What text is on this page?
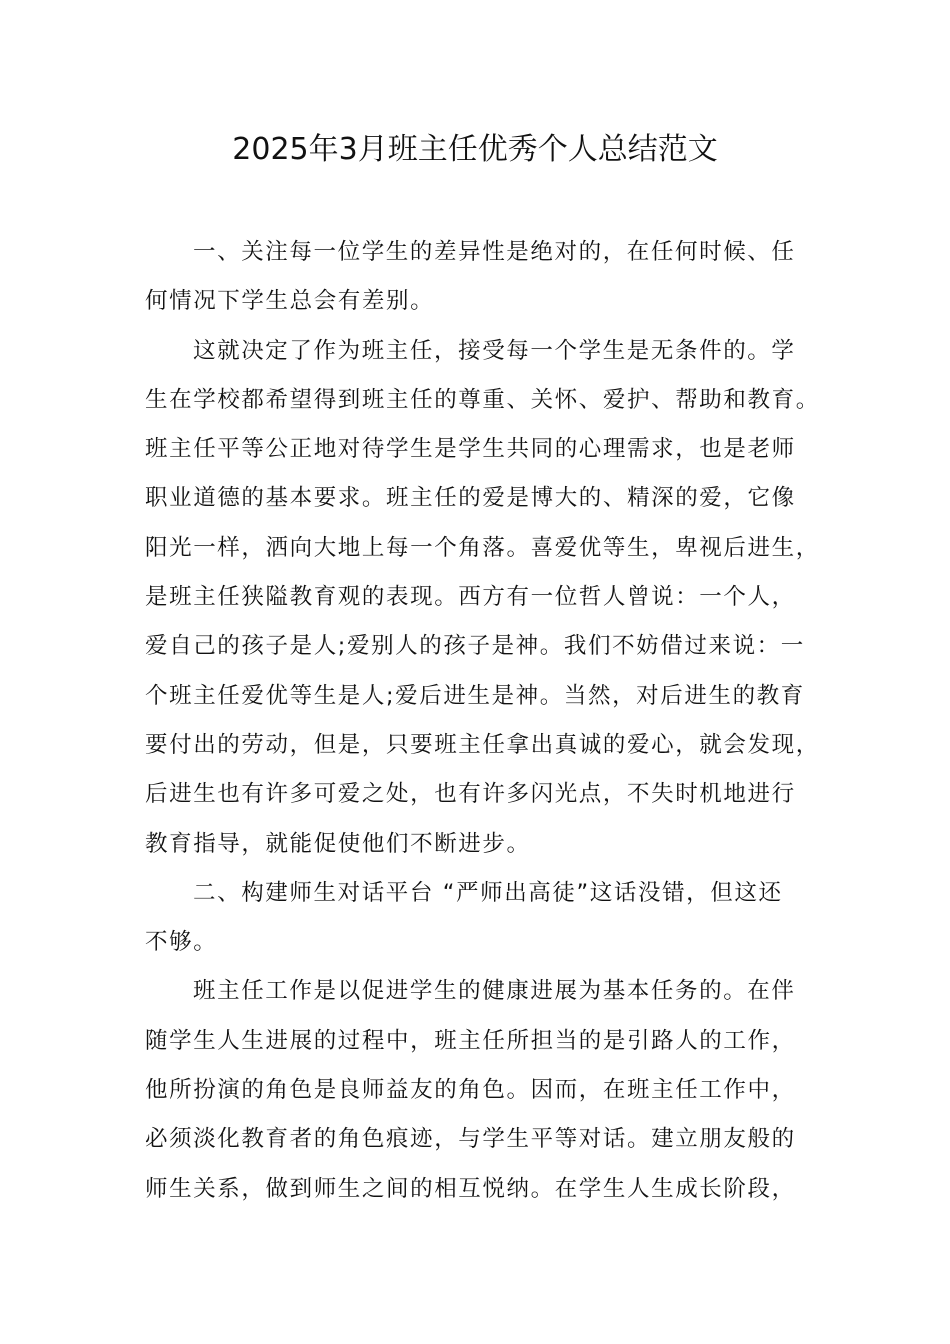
2025年3月班主任优秀个人总结范文

一、关注每一位学生的差异性是绝对的，在任何时候、任
何情况下学生总会有差别。

这就决定了作为班主任，接受每一个学生是无条件的。学
生在学校都希望得到班主任的尊重、关怀、爱护、帮助和教育。
班主任平等公正地对待学生是学生共同的心理需求，也是老师
职业道德的基本要求。班主任的爱是博大的、精深的爱，它像
阳光一样，洒向大地上每一个角落。喜爱优等生，卑视后进生，
是班主任狭隘教育观的表现。西方有一位哲人曾说：一个人，
爱自己的孩子是人;爱别人的孩子是神。我们不妨借过来说：一
个班主任爱优等生是人;爱后进生是神。当然，对后进生的教育
要付出的劳动，但是，只要班主任拿出真诚的爱心，就会发现，
后进生也有许多可爱之处，也有许多闪光点，不失时机地进行
教育指导，就能促使他们不断进步。

二、构建师生对话平台 “严师出高徒”这话没错，但这还
不够。

班主任工作是以促进学生的健康进展为基本任务的。在伴
随学生人生进展的过程中，班主任所担当的是引路人的工作，
他所扮演的角色是良师益友的角色。因而，在班主任工作中，
必须淡化教育者的角色痕迹，与学生平等对话。建立朋友般的
师生关系，做到师生之间的相互悦纳。在学生人生成长阶段，
